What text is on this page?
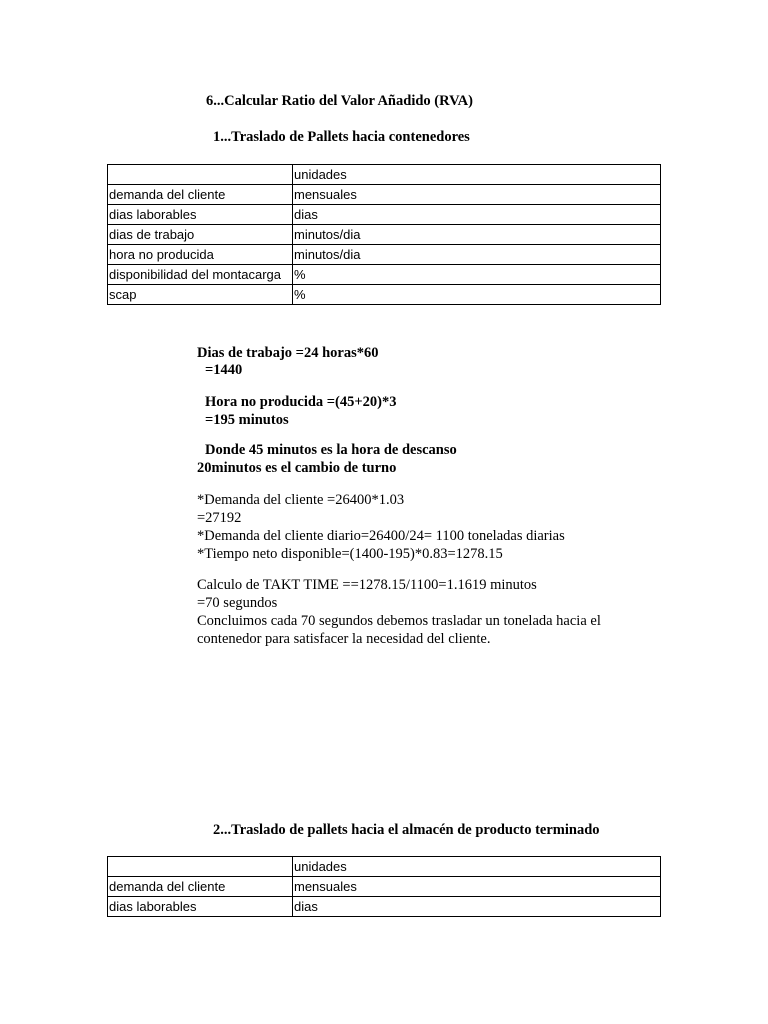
6...Calcular Ratio del Valor Añadido (RVA)
1...Traslado de Pallets hacia contenedores
	unidades
demanda del cliente	mensuales
dias laborables	dias
dias de trabajo	minutos/dia
hora no producida	minutos/dia
disponibilidad del montacarga	%
scap	%
Dias de trabajo =24 horas*60
=1440
Hora no producida =(45+20)*3
=195 minutos
Donde 45 minutos es la hora de descanso
20minutos es el cambio de turno
*Demanda del cliente =26400*1.03
=27192
*Demanda del cliente diario=26400/24= 1100 toneladas diarias
*Tiempo neto disponible=(1400-195)*0.83=1278.15
Calculo de TAKT TIME ==1278.15/1100=1.1619 minutos
=70 segundos
Concluimos cada 70 segundos debemos trasladar un tonelada hacia el
contenedor para satisfacer la necesidad del cliente.
2...Traslado de pallets hacia el almacén de producto terminado
	unidades
demanda del cliente	mensuales
dias laborables	dias
